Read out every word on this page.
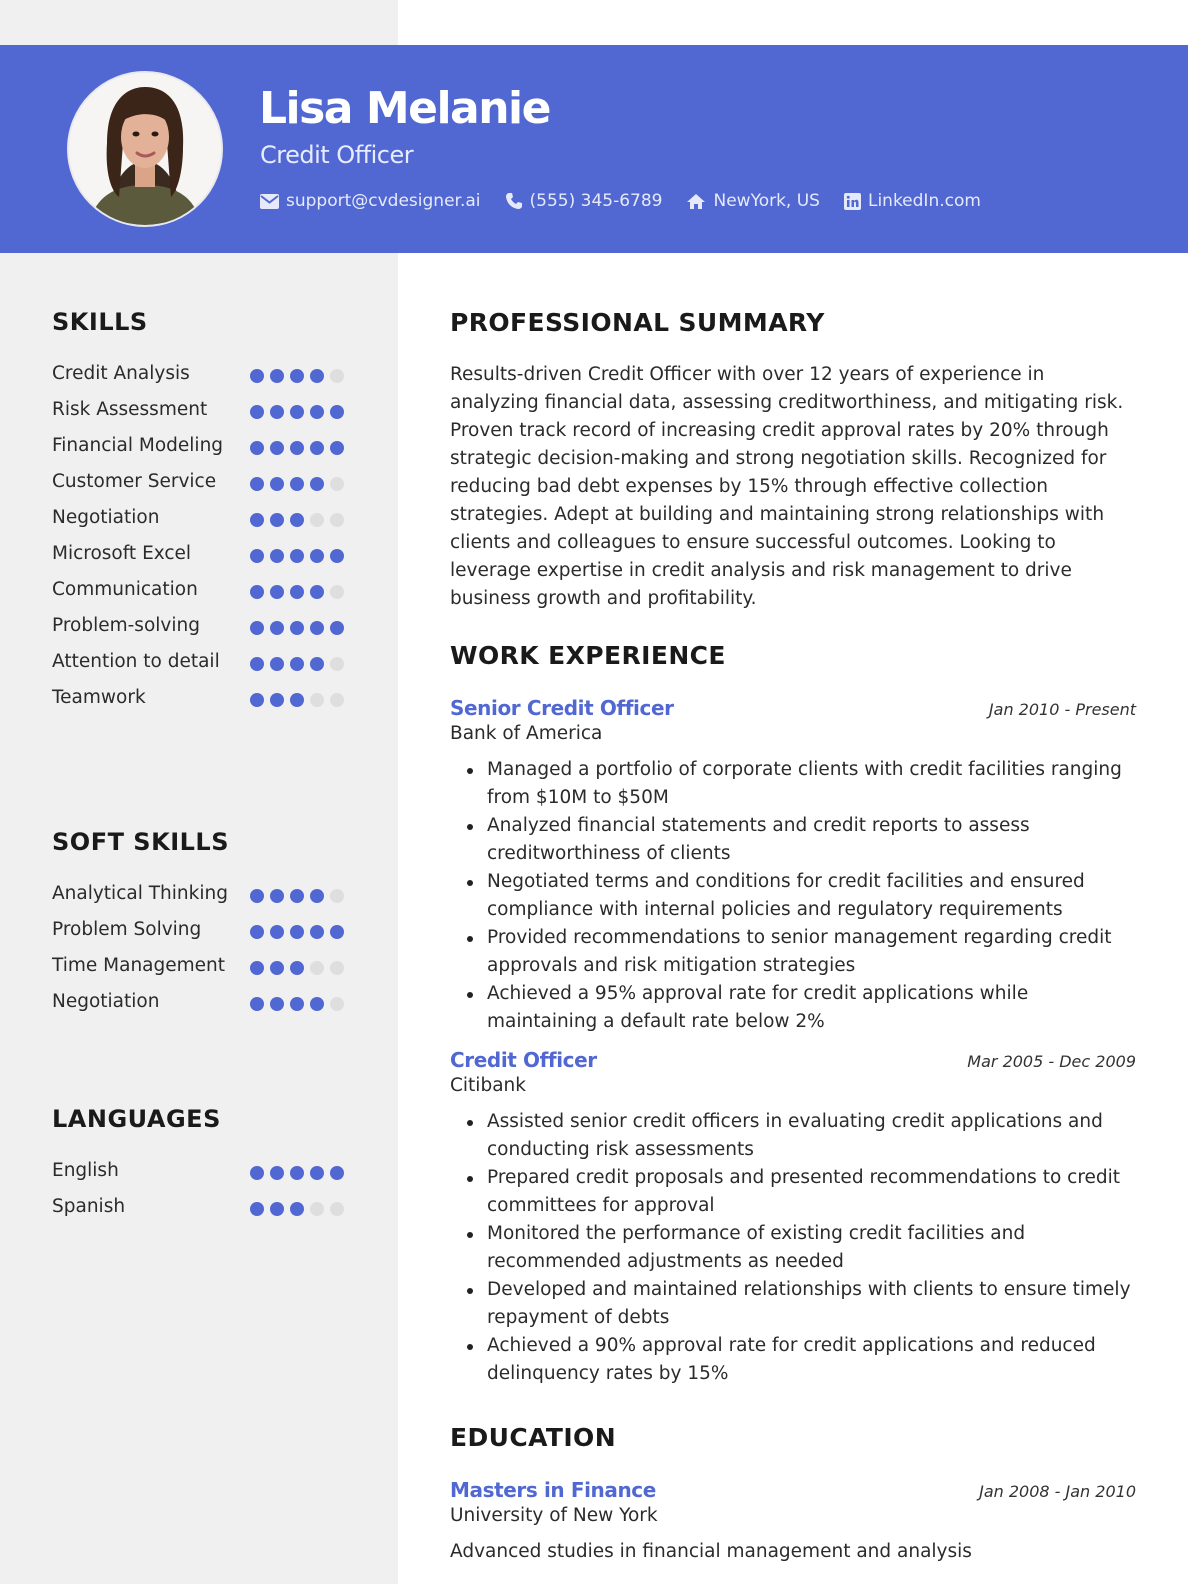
Lisa Melanie
Credit Officer
support@cvdesigner.ai	(555) 345-6789	NewYork, US	LinkedIn.com
SKILLS
Credit Analysis
Risk Assessment
Financial Modeling
Customer Service
Negotiation
Microsoft Excel
Communication
Problem-solving
Attention to detail
Teamwork
SOFT SKILLS
Analytical Thinking
Problem Solving
Time Management
Negotiation
LANGUAGES
English
Spanish
PROFESSIONAL SUMMARY

Results-driven Credit Officer with over 12 years of experience in analyzing financial data, assessing creditworthiness, and mitigating risk. Proven track record of increasing credit approval rates by 20% through strategic decision-making and strong negotiation skills. Recognized for reducing bad debt expenses by 15% through effective collection strategies. Adept at building and maintaining strong relationships with clients and colleagues to ensure successful outcomes. Looking to leverage expertise in credit analysis and risk management to drive business growth and profitability.

WORK EXPERIENCE
Senior Credit Officer	Jan 2010 - Present
Bank of America
Managed a portfolio of corporate clients with credit facilities ranging from $10M to $50M
Analyzed financial statements and credit reports to assess creditworthiness of clients
Negotiated terms and conditions for credit facilities and ensured compliance with internal policies and regulatory requirements
Provided recommendations to senior management regarding credit approvals and risk mitigation strategies
Achieved a 95% approval rate for credit applications while maintaining a default rate below 2%
Credit Officer	Mar 2005 - Dec 2009
Citibank
Assisted senior credit officers in evaluating credit applications and conducting risk assessments
Prepared credit proposals and presented recommendations to credit committees for approval
Monitored the performance of existing credit facilities and recommended adjustments as needed
Developed and maintained relationships with clients to ensure timely repayment of debts
Achieved a 90% approval rate for credit applications and reduced delinquency rates by 15%
EDUCATION
Masters in Finance	Jan 2008 - Jan 2010
University of New York
Advanced studies in financial management and analysis
